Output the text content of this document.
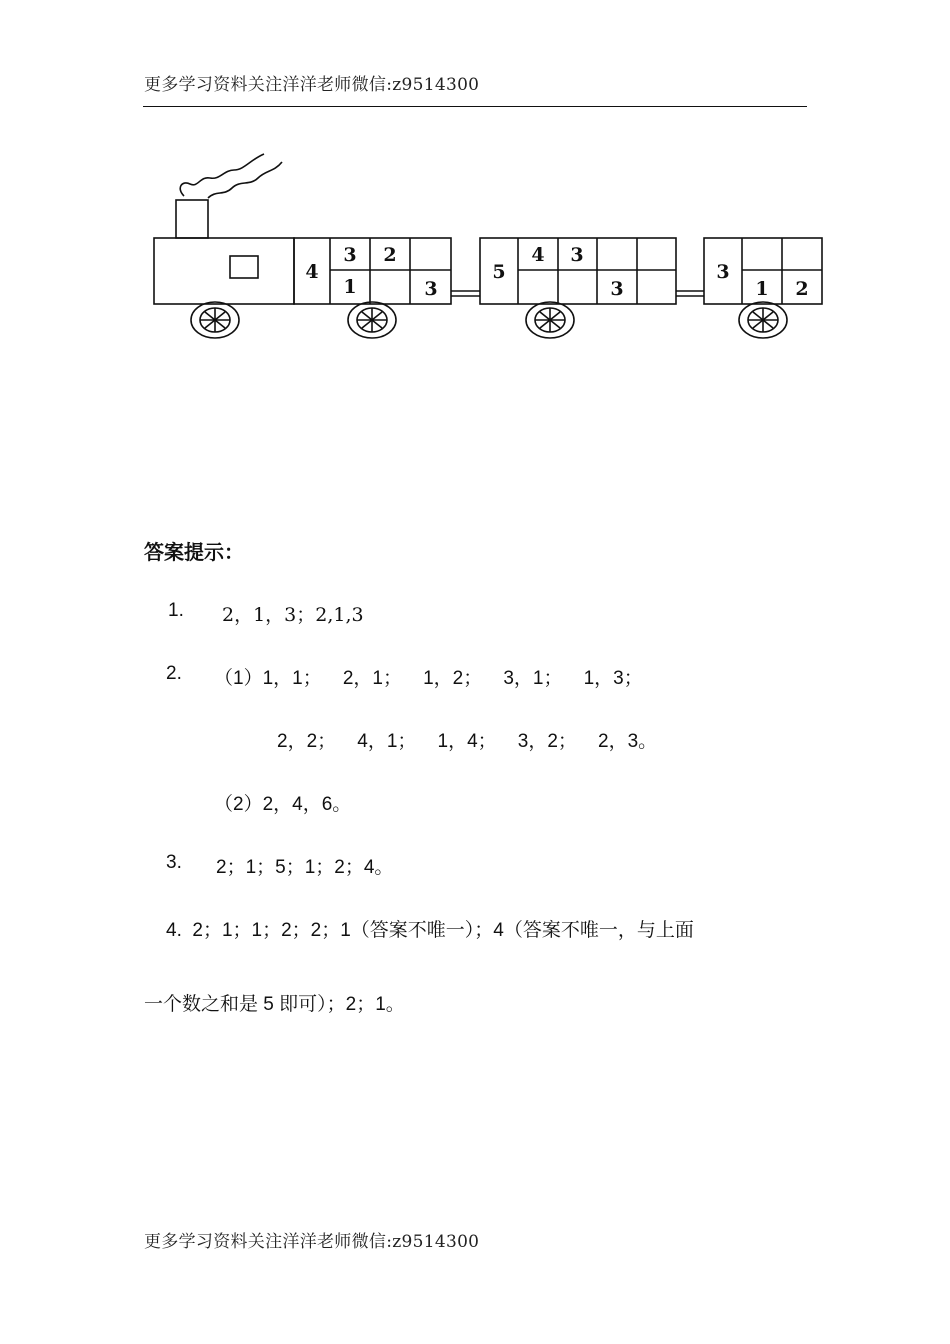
更多学习资料关注洋洋老师微信:z9514300
4
3 2
1	3
5
4 3
3
3
1 2
答案提示：
1. 2，1，3；2,1,3
2. （1）1，1；    2，1；    1，2；    3，1；    1，3；
2，2；    4，1；    1，4；    3，2；    2，3。
（2）2，4，6。
3. 2；1；5；1；2；4。
4.  2；1；1；2；2；1（答案不唯一）；4（答案不唯一，与上面
一个数之和是 5 即可）；2；1。
更多学习资料关注洋洋老师微信:z9514300
